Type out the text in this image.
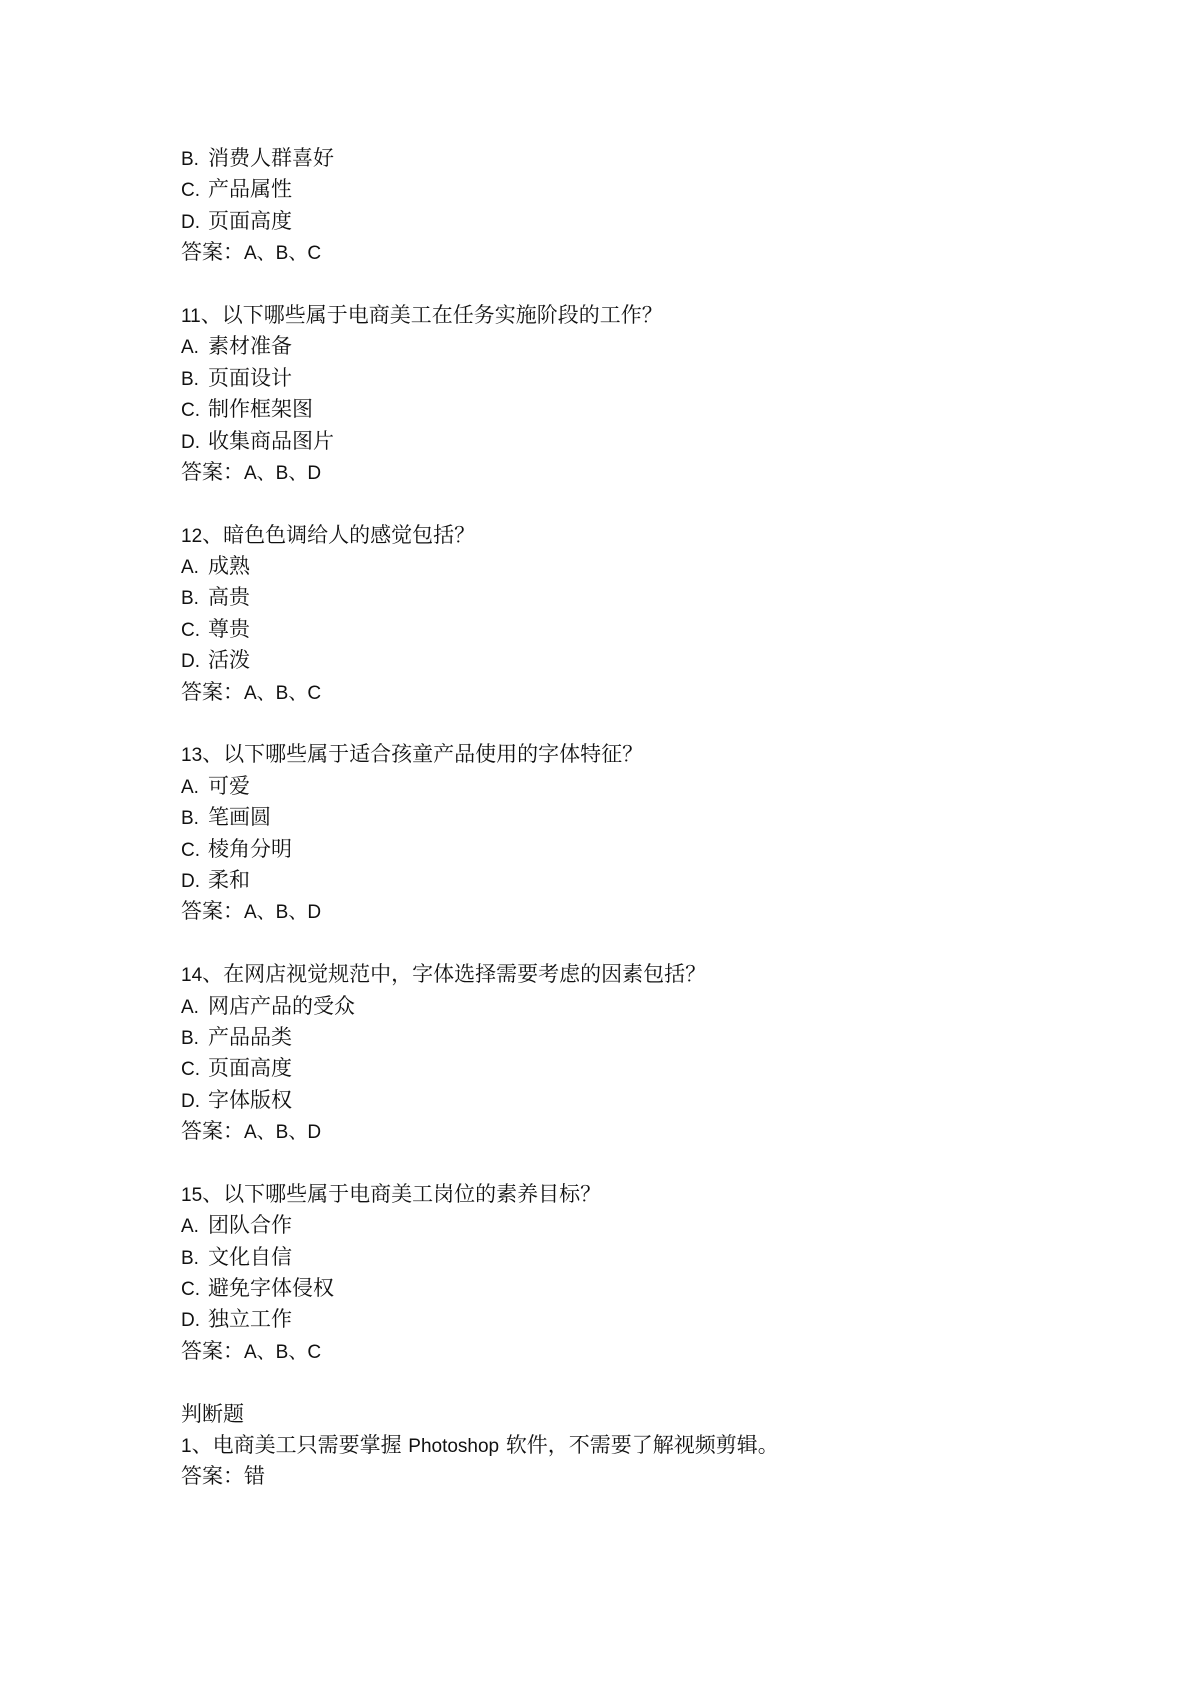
B. 消费人群喜好
C. 产品属性
D. 页面高度
答案：A、B、C
11、以下哪些属于电商美工在任务实施阶段的工作？
A. 素材准备
B. 页面设计
C. 制作框架图
D. 收集商品图片
答案：A、B、D
12、暗色色调给人的感觉包括？
A. 成熟
B. 高贵
C. 尊贵
D. 活泼
答案：A、B、C
13、以下哪些属于适合孩童产品使用的字体特征？
A. 可爱
B. 笔画圆
C. 棱角分明
D. 柔和
答案：A、B、D
14、在网店视觉规范中，字体选择需要考虑的因素包括？
A. 网店产品的受众
B. 产品品类
C. 页面高度
D. 字体版权
答案：A、B、D
15、以下哪些属于电商美工岗位的素养目标？
A. 团队合作
B. 文化自信
C. 避免字体侵权
D. 独立工作
答案：A、B、C
判断题
1、电商美工只需要掌握 Photoshop 软件，不需要了解视频剪辑。
答案：错
